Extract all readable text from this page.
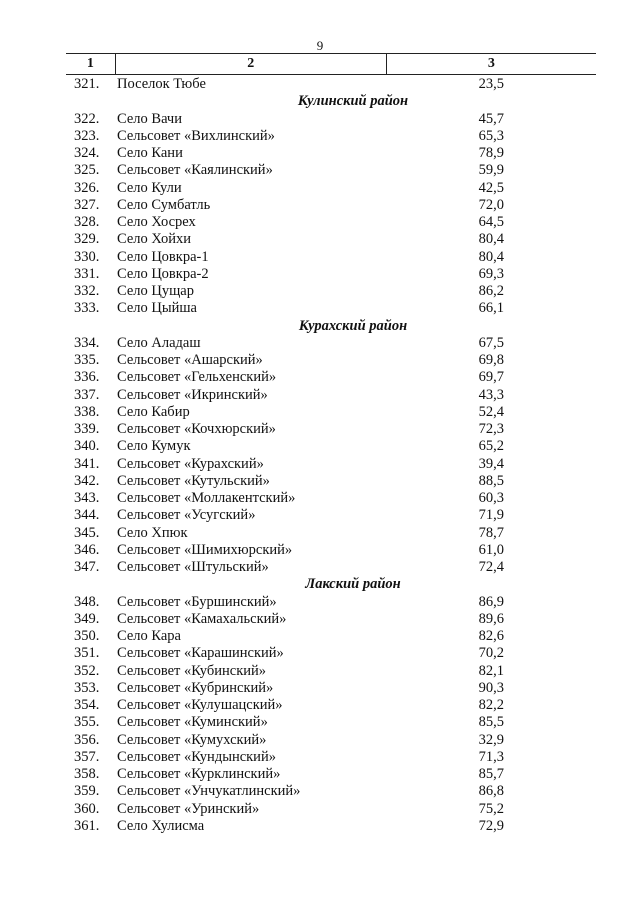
9
1	2	3
321.	Поселок Тюбе	23,5
Кулинский район
322.	Село Вачи	45,7
323.	Сельсовет «Вихлинский»	65,3
324.	Село Кани	78,9
325.	Сельсовет «Каялинский»	59,9
326.	Село Кули	42,5
327.	Село Сумбатль	72,0
328.	Село Хосрех	64,5
329.	Село Хойхи	80,4
330.	Село Цовкра-1	80,4
331.	Село Цовкра-2	69,3
332.	Село Цущар	86,2
333.	Село Цыйша	66,1
Курахский район
334.	Село Аладаш	67,5
335.	Сельсовет «Ашарский»	69,8
336.	Сельсовет «Гельхенский»	69,7
337.	Сельсовет «Икринский»	43,3
338.	Село Кабир	52,4
339.	Сельсовет «Кочхюрский»	72,3
340.	Село Кумук	65,2
341.	Сельсовет «Курахский»	39,4
342.	Сельсовет «Кутульский»	88,5
343.	Сельсовет «Моллакентский»	60,3
344.	Сельсовет «Усугский»	71,9
345.	Село Хпюк	78,7
346.	Сельсовет «Шимихюрский»	61,0
347.	Сельсовет «Штульский»	72,4
Лакский район
348.	Сельсовет «Буршинский»	86,9
349.	Сельсовет «Камахальский»	89,6
350.	Село Кара	82,6
351.	Сельсовет «Карашинский»	70,2
352.	Сельсовет «Кубинский»	82,1
353.	Сельсовет «Кубринский»	90,3
354.	Сельсовет «Кулушацский»	82,2
355.	Сельсовет «Куминский»	85,5
356.	Сельсовет «Кумухский»	32,9
357.	Сельсовет «Кундынский»	71,3
358.	Сельсовет «Курклинский»	85,7
359.	Сельсовет «Унчукатлинский»	86,8
360.	Сельсовет «Уринский»	75,2
361.	Село Хулисма	72,9
